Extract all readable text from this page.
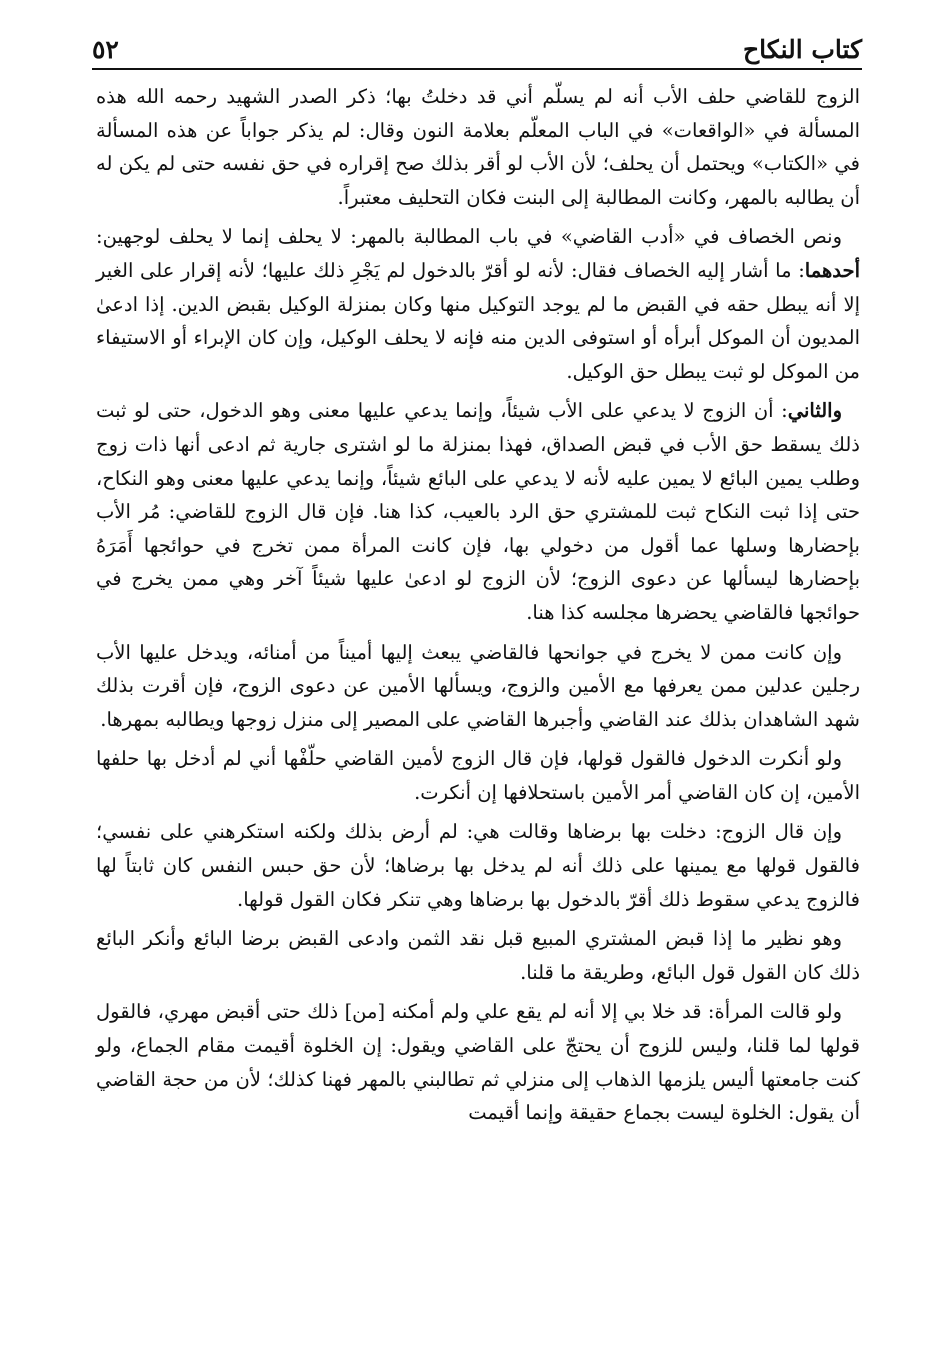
كتاب النكاح
٥٢

الزوج للقاضي حلف الأب أنه لم يسلّم أني قد دخلتُ بها؛ ذكر الصدر الشهيد رحمه الله هذه المسألة في «الواقعات» في الباب المعلّم بعلامة النون وقال: لم يذكر جواباً عن هذه المسألة في «الكتاب» ويحتمل أن يحلف؛ لأن الأب لو أقر بذلك صح إقراره في حق نفسه حتى لم يكن له أن يطالبه بالمهر، وكانت المطالبة إلى البنت فكان التحليف معتبراً.

ونص الخصاف في «أدب القاضي» في باب المطالبة بالمهر: لا يحلف إنما لا يحلف لوجهين: أحدهما: ما أشار إليه الخصاف فقال: لأنه لو أقرّ بالدخول لم يَجْرِ ذلك عليها؛ لأنه إقرار على الغير إلا أنه يبطل حقه في القبض ما لم يوجد التوكيل منها وكان بمنزلة الوكيل بقبض الدين. إذا ادعىٰ المديون أن الموكل أبرأه أو استوفى الدين منه فإنه لا يحلف الوكيل، وإن كان الإبراء أو الاستيفاء من الموكل لو ثبت يبطل حق الوكيل.

والثاني: أن الزوج لا يدعي على الأب شيئاً، وإنما يدعي عليها معنى وهو الدخول، حتى لو ثبت ذلك يسقط حق الأب في قبض الصداق، فهذا بمنزلة ما لو اشترى جارية ثم ادعى أنها ذات زوج وطلب يمين البائع لا يمين عليه لأنه لا يدعي على البائع شيئاً، وإنما يدعي عليها معنى وهو النكاح، حتى إذا ثبت النكاح ثبت للمشتري حق الرد بالعيب، كذا هنا. فإن قال الزوج للقاضي: مُر الأب بإحضارها وسلها عما أقول من دخولي بها، فإن كانت المرأة ممن تخرج في حوائجها أَمَرَهُ بإحضارها ليسألها عن دعوى الزوج؛ لأن الزوج لو ادعىٰ عليها شيئاً آخر وهي ممن يخرج في حوائجها فالقاضي يحضرها مجلسه كذا هنا.

وإن كانت ممن لا يخرج في جوانحها فالقاضي يبعث إليها أميناً من أمنائه، ويدخل عليها الأب رجلين عدلين ممن يعرفها مع الأمين والزوج، ويسألها الأمين عن دعوى الزوج، فإن أقرت بذلك شهد الشاهدان بذلك عند القاضي وأجبرها القاضي على المصير إلى منزل زوجها ويطالبه بمهرها.

ولو أنكرت الدخول فالقول قولها، فإن قال الزوج لأمين القاضي حلّفْها أني لم أدخل بها حلفها الأمين، إن كان القاضي أمر الأمين باستحلافها إن أنكرت.

وإن قال الزوج: دخلت بها برضاها وقالت هي: لم أرض بذلك ولكنه استكرهني على نفسي؛ فالقول قولها مع يمينها على ذلك أنه لم يدخل بها برضاها؛ لأن حق حبس النفس كان ثابتاً لها فالزوج يدعي سقوط ذلك أقرّ بالدخول بها برضاها وهي تنكر فكان القول قولها.

وهو نظير ما إذا قبض المشتري المبيع قبل نقد الثمن وادعى القبض برضا البائع وأنكر البائع ذلك كان القول قول البائع، وطريقة ما قلنا.

ولو قالت المرأة: قد خلا بي إلا أنه لم يقع علي ولم أمكنه [من] ذلك حتى أقبض مهري، فالقول قولها لما قلنا، وليس للزوج أن يحتجّ على القاضي ويقول: إن الخلوة أقيمت مقام الجماع، ولو كنت جامعتها أليس يلزمها الذهاب إلى منزلي ثم تطالبني بالمهر فهنا كذلك؛ لأن من حجة القاضي أن يقول: الخلوة ليست بجماع حقيقة وإنما أقيمت
